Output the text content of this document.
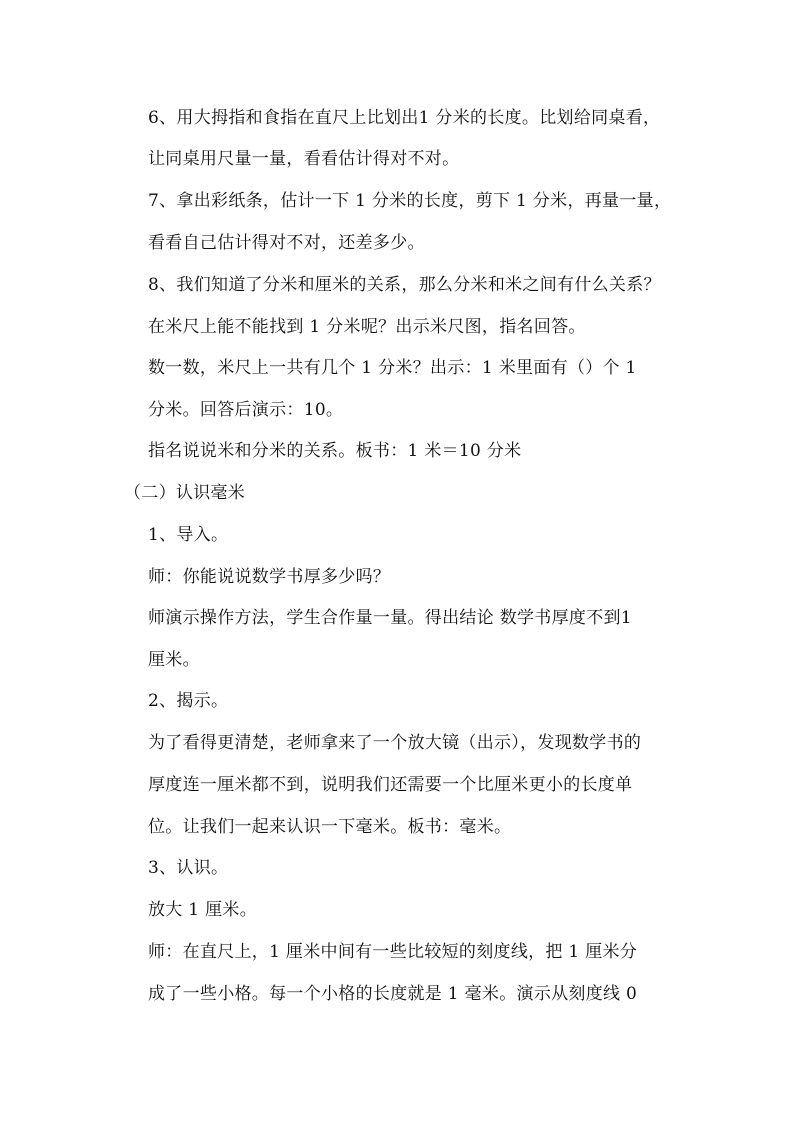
6、用大拇指和食指在直尺上比划出1 分米的长度。比划给同桌看，
让同桌用尺量一量，看看估计得对不对。
7、拿出彩纸条，估计一下 1 分米的长度，剪下 1 分米，再量一量，
看看自己估计得对不对，还差多少。
8、我们知道了分米和厘米的关系，那么分米和米之间有什么关系？
在米尺上能不能找到 1 分米呢？出示米尺图，指名回答。
数一数，米尺上一共有几个 1 分米？出示：1 米里面有（）个 1
分米。回答后演示：10。
指名说说米和分米的关系。板书：1 米＝10 分米
（二）认识毫米
1、导入。
师：你能说说数学书厚多少吗？
师演示操作方法，学生合作量一量。得出结论 数学书厚度不到1
厘米。
2、揭示。
为了看得更清楚，老师拿来了一个放大镜（出示），发现数学书的
厚度连一厘米都不到，说明我们还需要一个比厘米更小的长度单
位。让我们一起来认识一下毫米。板书：毫米。
3、认识。
放大 1 厘米。
师：在直尺上，1 厘米中间有一些比较短的刻度线，把 1 厘米分
成了一些小格。每一个小格的长度就是 1 毫米。演示从刻度线 0
